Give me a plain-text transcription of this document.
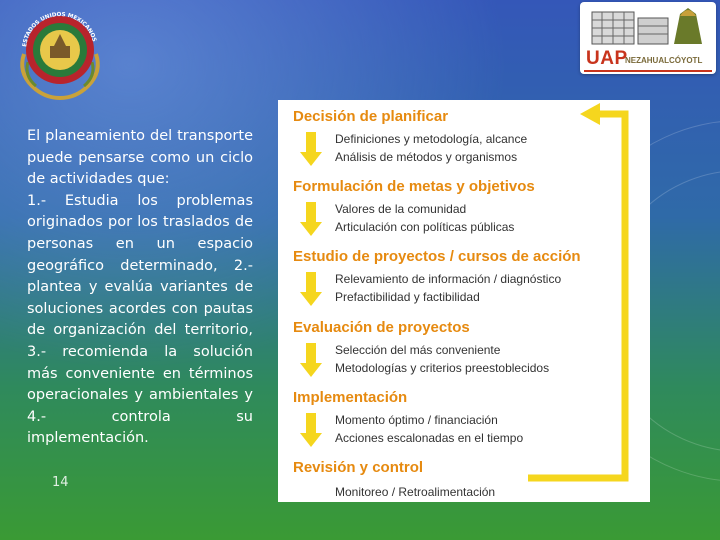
ESTADOS UNIDOS MEXICANOS
UAP
NEZAHUALCÓYOTL
El planeamiento del transporte puede pensarse como un ciclo de actividades que:
1.- Estudia los problemas originados por los traslados de personas en un espacio geográfico determinado, 2.- plantea y evalúa variantes de soluciones acordes con pautas de organización del territorio, 3.- recomienda la solución más conveniente en términos operacionales y ambientales y 4.- controla su implementación.
14
Decisión de planificar
Definiciones y metodología, alcance
Análisis de métodos y organismos
Formulación de metas y objetivos
Valores de la comunidad
Articulación con políticas públicas
Estudio de proyectos / cursos de acción
Relevamiento de información / diagnóstico
Prefactibilidad y factibilidad
Evaluación de proyectos
Selección del más conveniente
Metodologías y criterios preestoblecidos
Implementación
Momento óptimo / financiación
Acciones escalonadas en el tiempo
Revisión y control
Monitoreo / Retroalimentación
